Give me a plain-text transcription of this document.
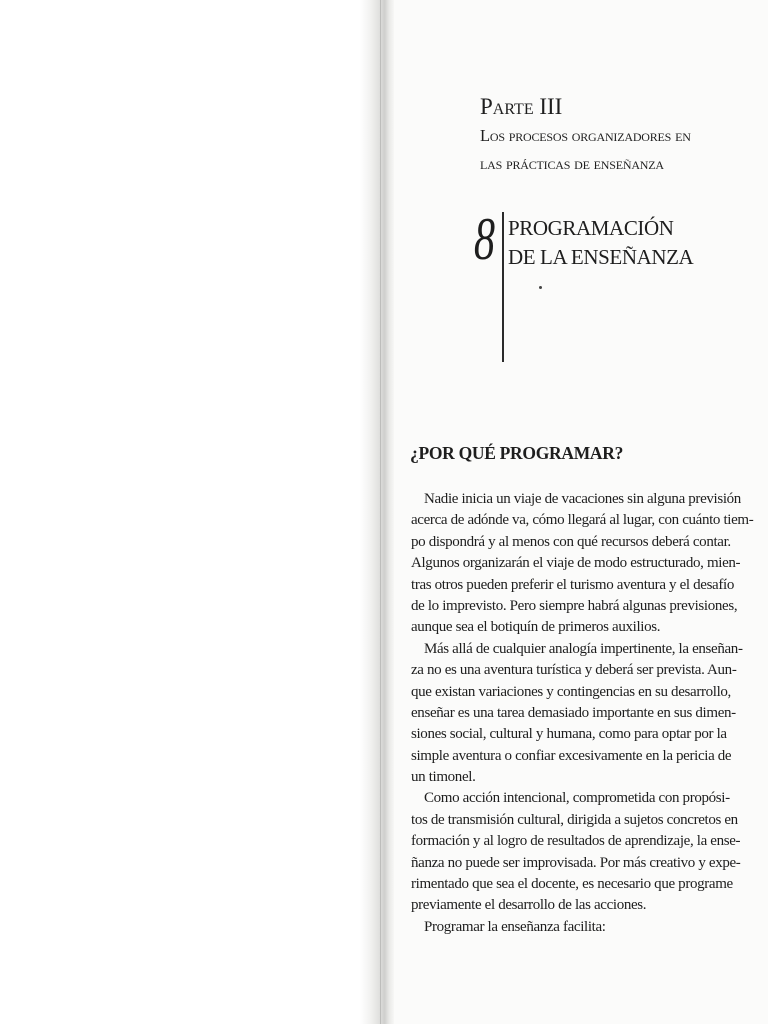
Parte III
Los procesos organizadores en
las prácticas de enseñanza
8 PROGRAMACIÓN
DE LA ENSEÑANZA
¿POR QUÉ PROGRAMAR?
Nadie inicia un viaje de vacaciones sin alguna previsión
acerca de adónde va, cómo llegará al lugar, con cuánto tiem-
po dispondrá y al menos con qué recursos deberá contar.
Algunos organizarán el viaje de modo estructurado, mien-
tras otros pueden preferir el turismo aventura y el desafío
de lo imprevisto. Pero siempre habrá algunas previsiones,
aunque sea el botiquín de primeros auxilios.
Más allá de cualquier analogía impertinente, la enseñan-
za no es una aventura turística y deberá ser prevista. Aun-
que existan variaciones y contingencias en su desarrollo,
enseñar es una tarea demasiado importante en sus dimen-
siones social, cultural y humana, como para optar por la
simple aventura o confiar excesivamente en la pericia de
un timonel.
Como acción intencional, comprometida con propósi-
tos de transmisión cultural, dirigida a sujetos concretos en
formación y al logro de resultados de aprendizaje, la ense-
ñanza no puede ser improvisada. Por más creativo y expe-
rimentado que sea el docente, es necesario que programe
previamente el desarrollo de las acciones.
Programar la enseñanza facilita:
